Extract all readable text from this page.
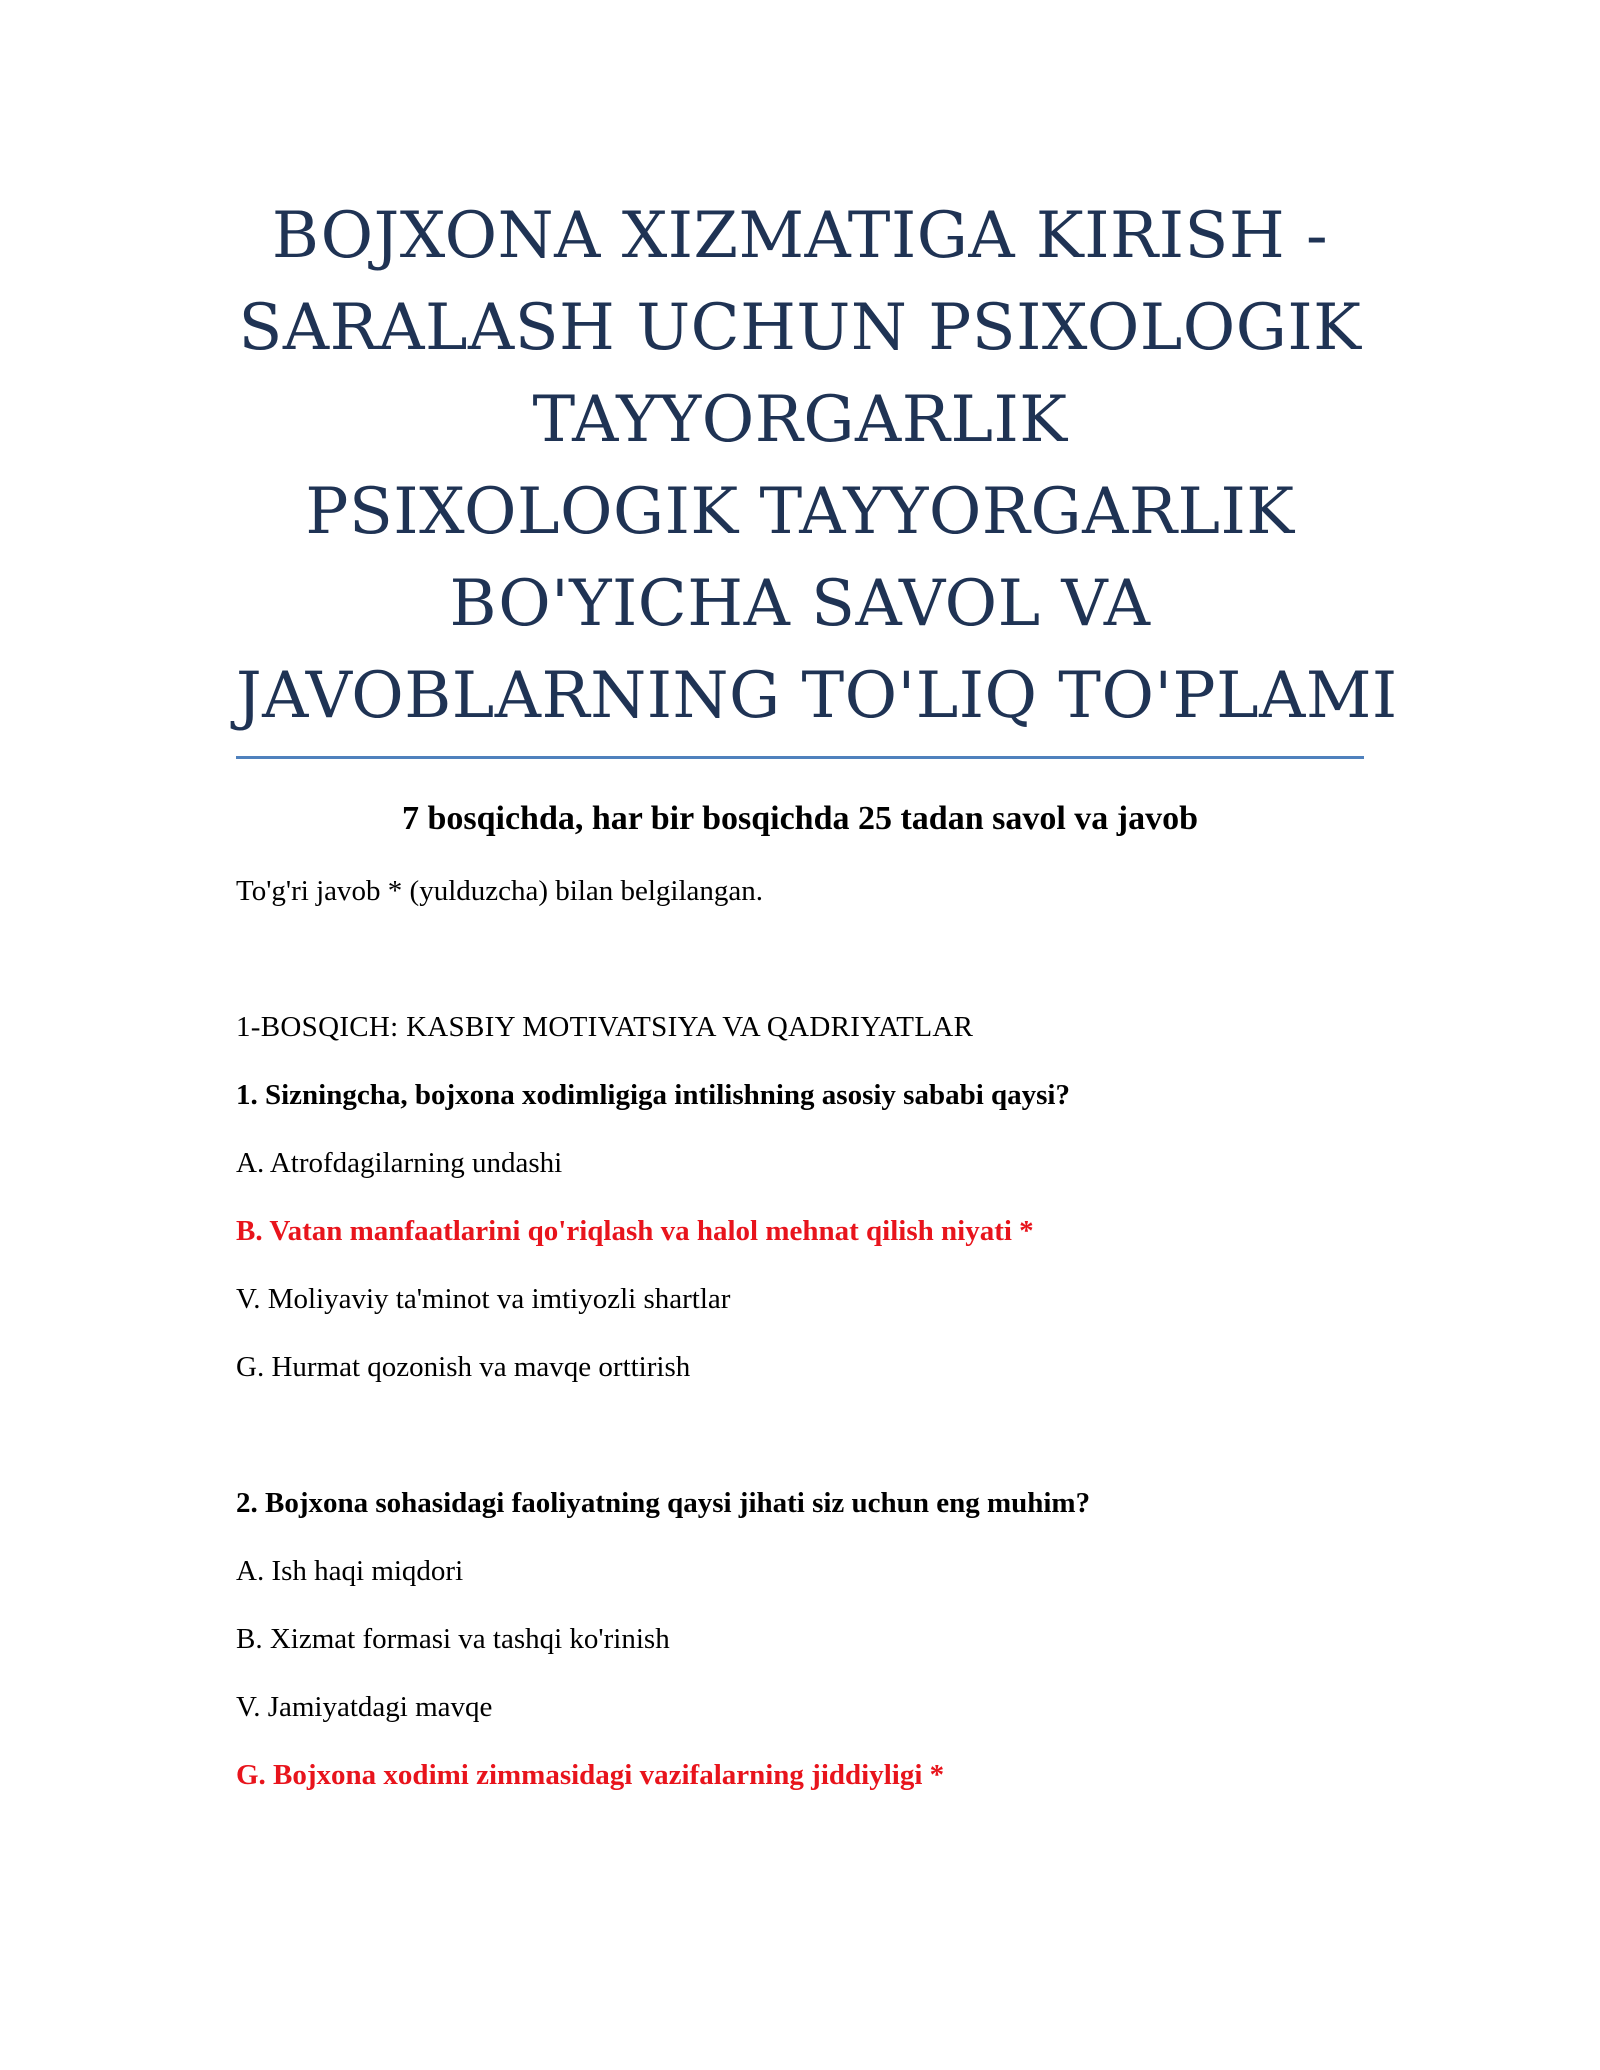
BOJXONA XIZMATIGA KIRISH -
SARALASH UCHUN PSIXOLOGIK
TAYYORGARLIK
PSIXOLOGIK TAYYORGARLIK
BO'YICHA SAVOL VA
JAVOBLARNING TO'LIQ TO'PLAMI

7 bosqichda, har bir bosqichda 25 tadan savol va javob

To'g'ri javob * (yulduzcha) bilan belgilangan.

1-BOSQICH: KASBIY MOTIVATSIYA VA QADRIYATLAR

1. Sizningcha, bojxona xodimligiga intilishning asosiy sababi qaysi?

A. Atrofdagilarning undashi

B. Vatan manfaatlarini qo'riqlash va halol mehnat qilish niyati *

V. Moliyaviy ta'minot va imtiyozli shartlar

G. Hurmat qozonish va mavqe orttirish

2. Bojxona sohasidagi faoliyatning qaysi jihati siz uchun eng muhim?

A. Ish haqi miqdori

B. Xizmat formasi va tashqi ko'rinish

V. Jamiyatdagi mavqe

G. Bojxona xodimi zimmasidagi vazifalarning jiddiyligi *
